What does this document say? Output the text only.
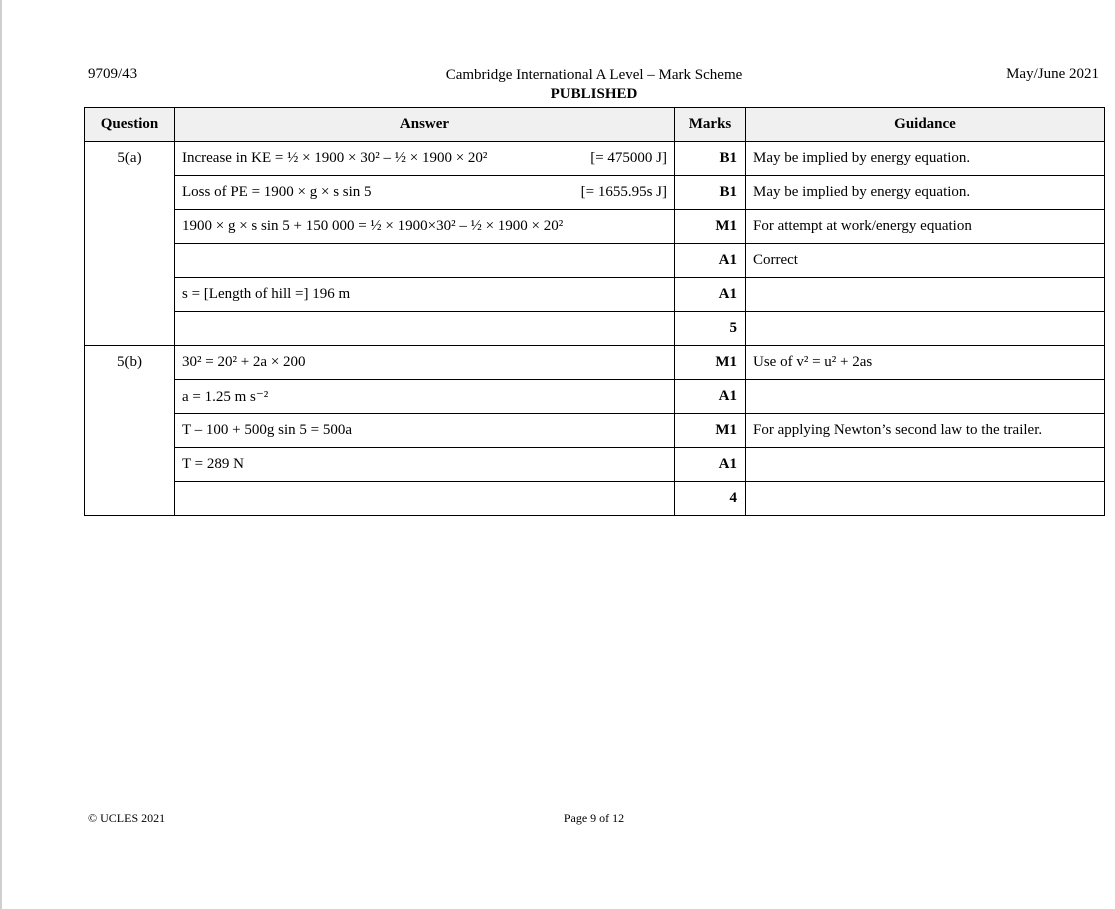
9709/43	Cambridge International A Level – Mark Scheme
PUBLISHED
May/June 2021
Question	Answer	Marks	Guidance
5(a)	Increase in KE = ½ × 1900 × 30² – ½ × 1900 × 20² [= 475000 J]	B1	May be implied by energy equation.

	Loss of PE = 1900 × g × s sin 5 [= 1655.95s J]	B1	May be implied by energy equation.

	1900 × g × s sin 5 + 150 000 = ½ × 1900×30² – ½ × 1900 × 20²	M1	For attempt at work/energy equation

		A1	Correct

	s = [Length of hill =] 196 m	A1	

		5	
5(b)	30² = 20² + 2a × 200	M1	Use of v² = u² + 2as

	a = 1.25 m s⁻²	A1	

	T – 100 + 500g sin 5 = 500a	M1	For applying Newton’s second law to the trailer.

	T = 289 N	A1	

		4	
© UCLES 2021	Page 9 of 12
